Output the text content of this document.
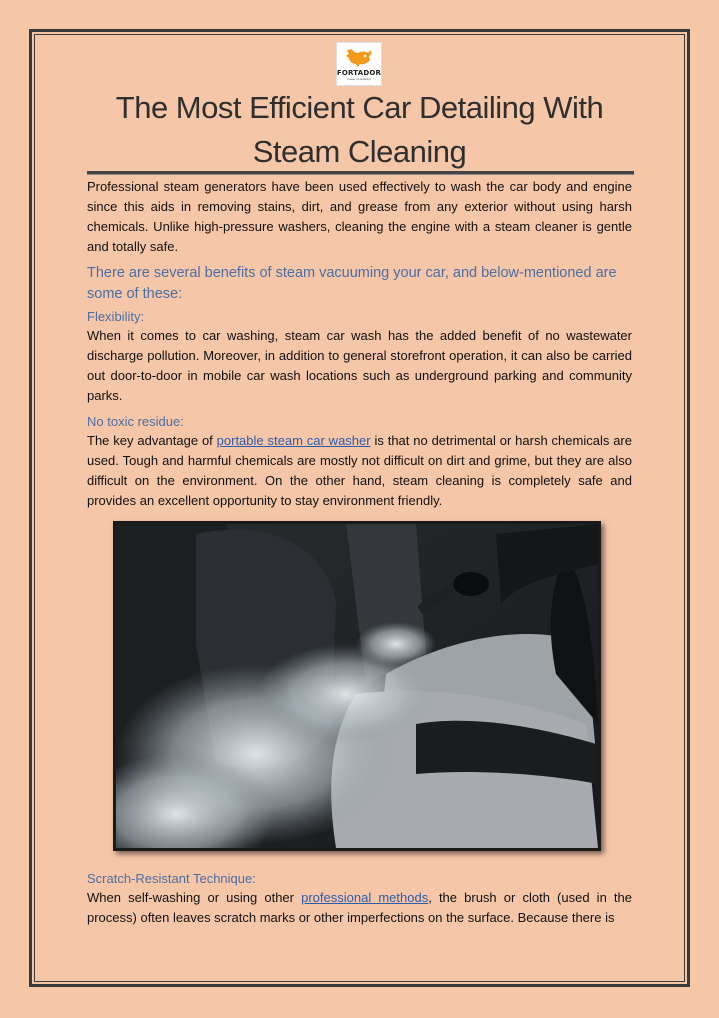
FORTADOR
power of detailing
The Most Efficient Car Detailing With
Steam Cleaning
Professional steam generators have been used effectively to wash the car body and engine since this aids in removing stains, dirt, and grease from any exterior without using harsh chemicals. Unlike high-pressure washers, cleaning the engine with a steam cleaner is gentle and totally safe.
There are several benefits of steam vacuuming your car, and below-mentioned are some of these:
Flexibility:
When it comes to car washing, steam car wash has the added benefit of no wastewater discharge pollution. Moreover, in addition to general storefront operation, it can also be carried out door-to-door in mobile car wash locations such as underground parking and community parks.
No toxic residue:
The key advantage of portable steam car washer is that no detrimental or harsh chemicals are used. Tough and harmful chemicals are mostly not difficult on dirt and grime, but they are also difficult on the environment. On the other hand, steam cleaning is completely safe and provides an excellent opportunity to stay environment friendly.
Scratch-Resistant Technique:
When self-washing or using other professional methods, the brush or cloth (used in the process) often leaves scratch marks or other imperfections on the surface. Because there is
